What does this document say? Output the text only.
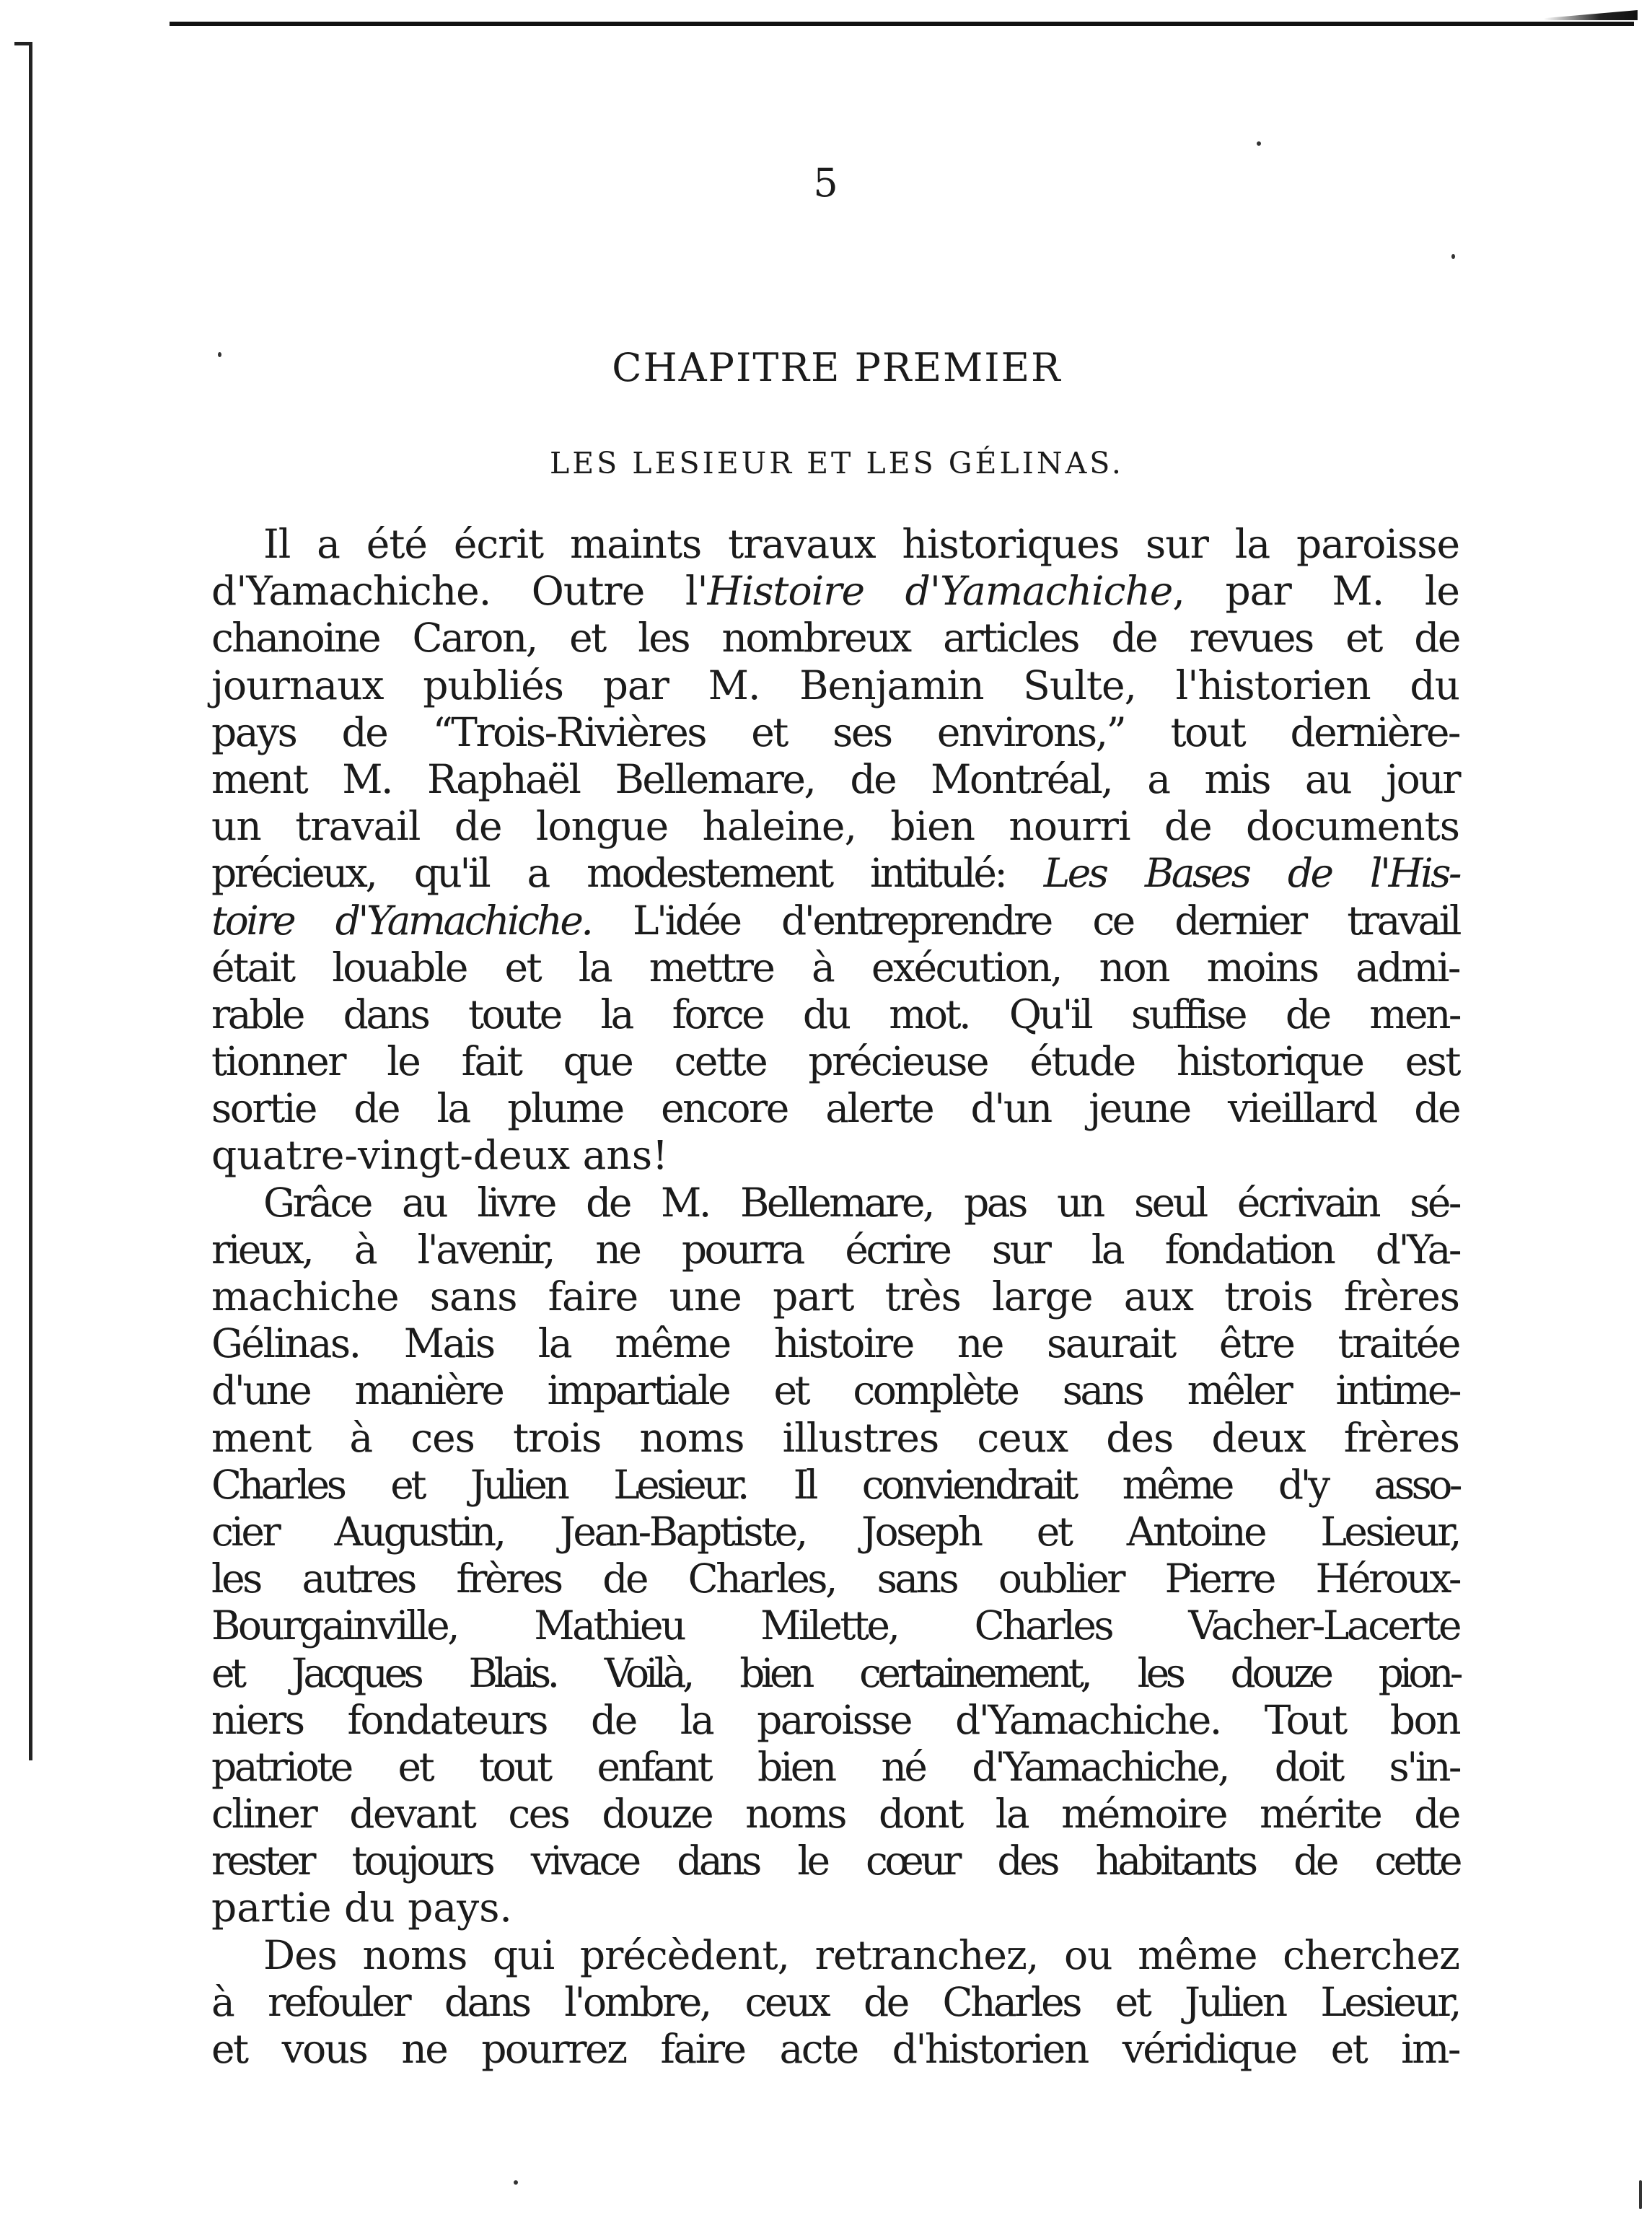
5
CHAPITRE PREMIER
LES LESIEUR ET LES GÉLINAS.
Il a été écrit maints travaux historiques sur la paroisse
d'Yamachiche. Outre l'Histoire d'Yamachiche, par M. le
chanoine Caron, et les nombreux articles de revues et de
journaux publiés par M. Benjamin Sulte, l'historien du
pays de “Trois-Rivières et ses environs,” tout dernière-
ment M. Raphaël Bellemare, de Montréal, a mis au jour
un travail de longue haleine, bien nourri de documents
précieux, qu'il a modestement intitulé: Les Bases de l'His-
toire d'Yamachiche. L'idée d'entreprendre ce dernier travail
était louable et la mettre à exécution, non moins admi-
rable dans toute la force du mot. Qu'il suffise de men-
tionner le fait que cette précieuse étude historique est
sortie de la plume encore alerte d'un jeune vieillard de
quatre-vingt-deux ans!
Grâce au livre de M. Bellemare, pas un seul écrivain sé-
rieux, à l'avenir, ne pourra écrire sur la fondation d'Ya-
machiche sans faire une part très large aux trois frères
Gélinas. Mais la même histoire ne saurait être traitée
d'une manière impartiale et complète sans mêler intime-
ment à ces trois noms illustres ceux des deux frères
Charles et Julien Lesieur. Il conviendrait même d'y asso-
cier Augustin, Jean-Baptiste, Joseph et Antoine Lesieur,
les autres frères de Charles, sans oublier Pierre Héroux-
Bourgainville, Mathieu Milette, Charles Vacher-Lacerte
et Jacques Blais. Voilà, bien certainement, les douze pion-
niers fondateurs de la paroisse d'Yamachiche. Tout bon
patriote et tout enfant bien né d'Yamachiche, doit s'in-
cliner devant ces douze noms dont la mémoire mérite de
rester toujours vivace dans le cœur des habitants de cette
partie du pays.
Des noms qui précèdent, retranchez, ou même cherchez
à refouler dans l'ombre, ceux de Charles et Julien Lesieur,
et vous ne pourrez faire acte d'historien véridique et im-
